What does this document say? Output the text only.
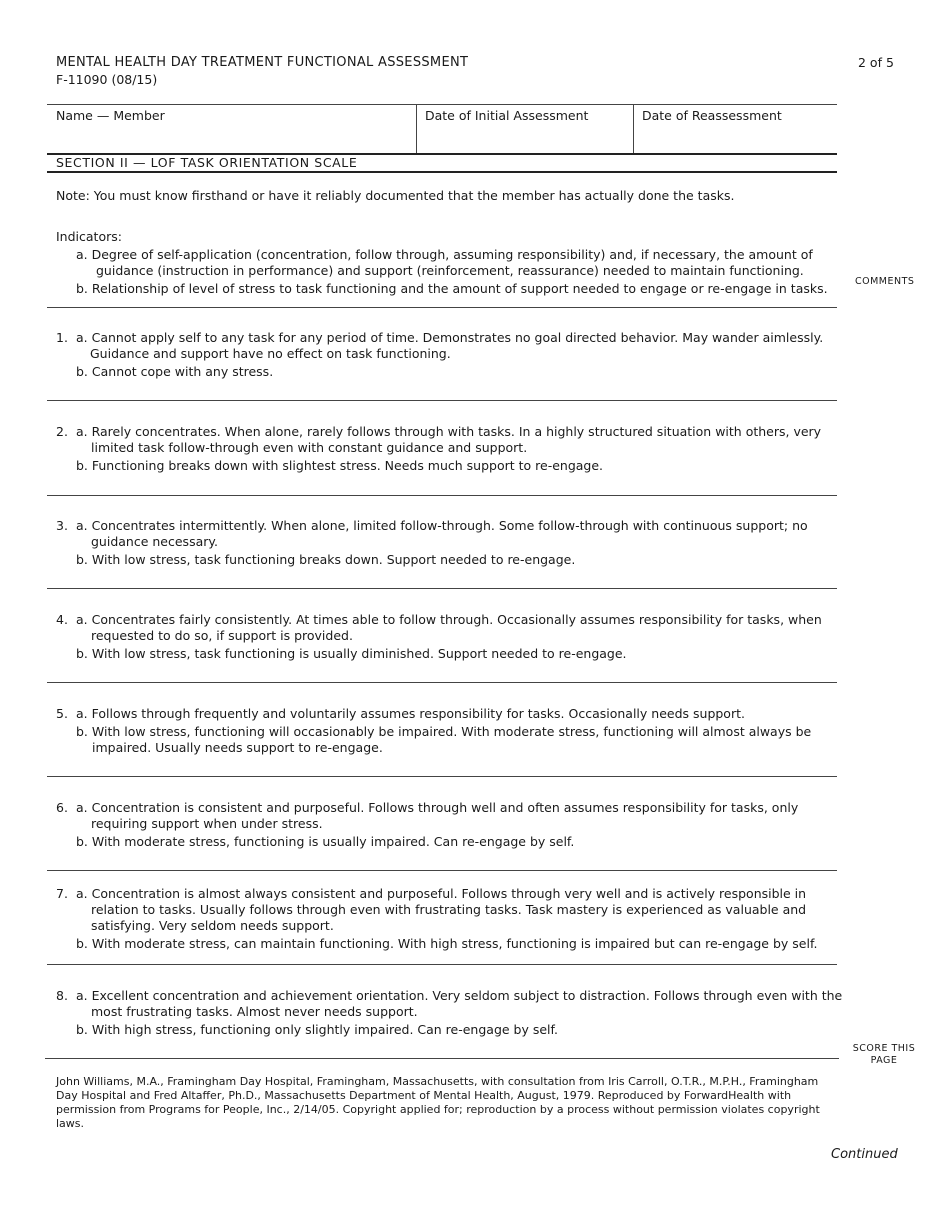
MENTAL HEALTH DAY TREATMENT FUNCTIONAL ASSESSMENT
F-11090 (08/15)
2 of 5
Name — Member	Date of Initial Assessment	Date of Reassessment
SECTION II — LOF TASK ORIENTATION SCALE
Note: You must know firsthand or have it reliably documented that the member has actually done the tasks.
Indicators:
a. Degree of self-application (concentration, follow through, assuming responsibility) and, if necessary, the amount of
guidance (instruction in performance) and support (reinforcement, reassurance) needed to maintain functioning.
b. Relationship of level of stress to task functioning and the amount of support needed to engage or re-engage in tasks.	COMMENTS
SCORE THIS
PAGE
1. a. Cannot apply self to any task for any period of time. Demonstrates no goal directed behavior. May wander aimlessly.
Guidance and support have no effect on task functioning.
b. Cannot cope with any stress.
2. a. Rarely concentrates. When alone, rarely follows through with tasks. In a highly structured situation with others, very
limited task follow-through even with constant guidance and support.
b. Functioning breaks down with slightest stress. Needs much support to re-engage.
3. a. Concentrates intermittently. When alone, limited follow-through. Some follow-through with continuous support; no
guidance necessary.
b. With low stress, task functioning breaks down. Support needed to re-engage.
4. a. Concentrates fairly consistently. At times able to follow through. Occasionally assumes responsibility for tasks, when
requested to do so, if support is provided.
b. With low stress, task functioning is usually diminished. Support needed to re-engage.
5. a. Follows through frequently and voluntarily assumes responsibility for tasks. Occasionally needs support.
b. With low stress, functioning will occasionably be impaired. With moderate stress, functioning will almost always be
impaired. Usually needs support to re-engage.
6. a. Concentration is consistent and purposeful. Follows through well and often assumes responsibility for tasks, only
requiring support when under stress.
b. With moderate stress, functioning is usually impaired. Can re-engage by self.
7. a. Concentration is almost always consistent and purposeful. Follows through very well and is actively responsible in
relation to tasks. Usually follows through even with frustrating tasks. Task mastery is experienced as valuable and
satisfying. Very seldom needs support.
b. With moderate stress, can maintain functioning. With high stress, functioning is impaired but can re-engage by self.
8. a. Excellent concentration and achievement orientation. Very seldom subject to distraction. Follows through even with the
most frustrating tasks. Almost never needs support.
b. With high stress, functioning only slightly impaired. Can re-engage by self.
John Williams, M.A., Framingham Day Hospital, Framingham, Massachusetts, with consultation from Iris Carroll, O.T.R., M.P.H., Framingham Day Hospital and Fred Altaffer, Ph.D., Massachusetts Department of Mental Health, August, 1979. Reproduced by ForwardHealth with permission from Programs for People, Inc., 2/14/05. Copyright applied for; reproduction by a process without permission violates copyright laws.
Continued
